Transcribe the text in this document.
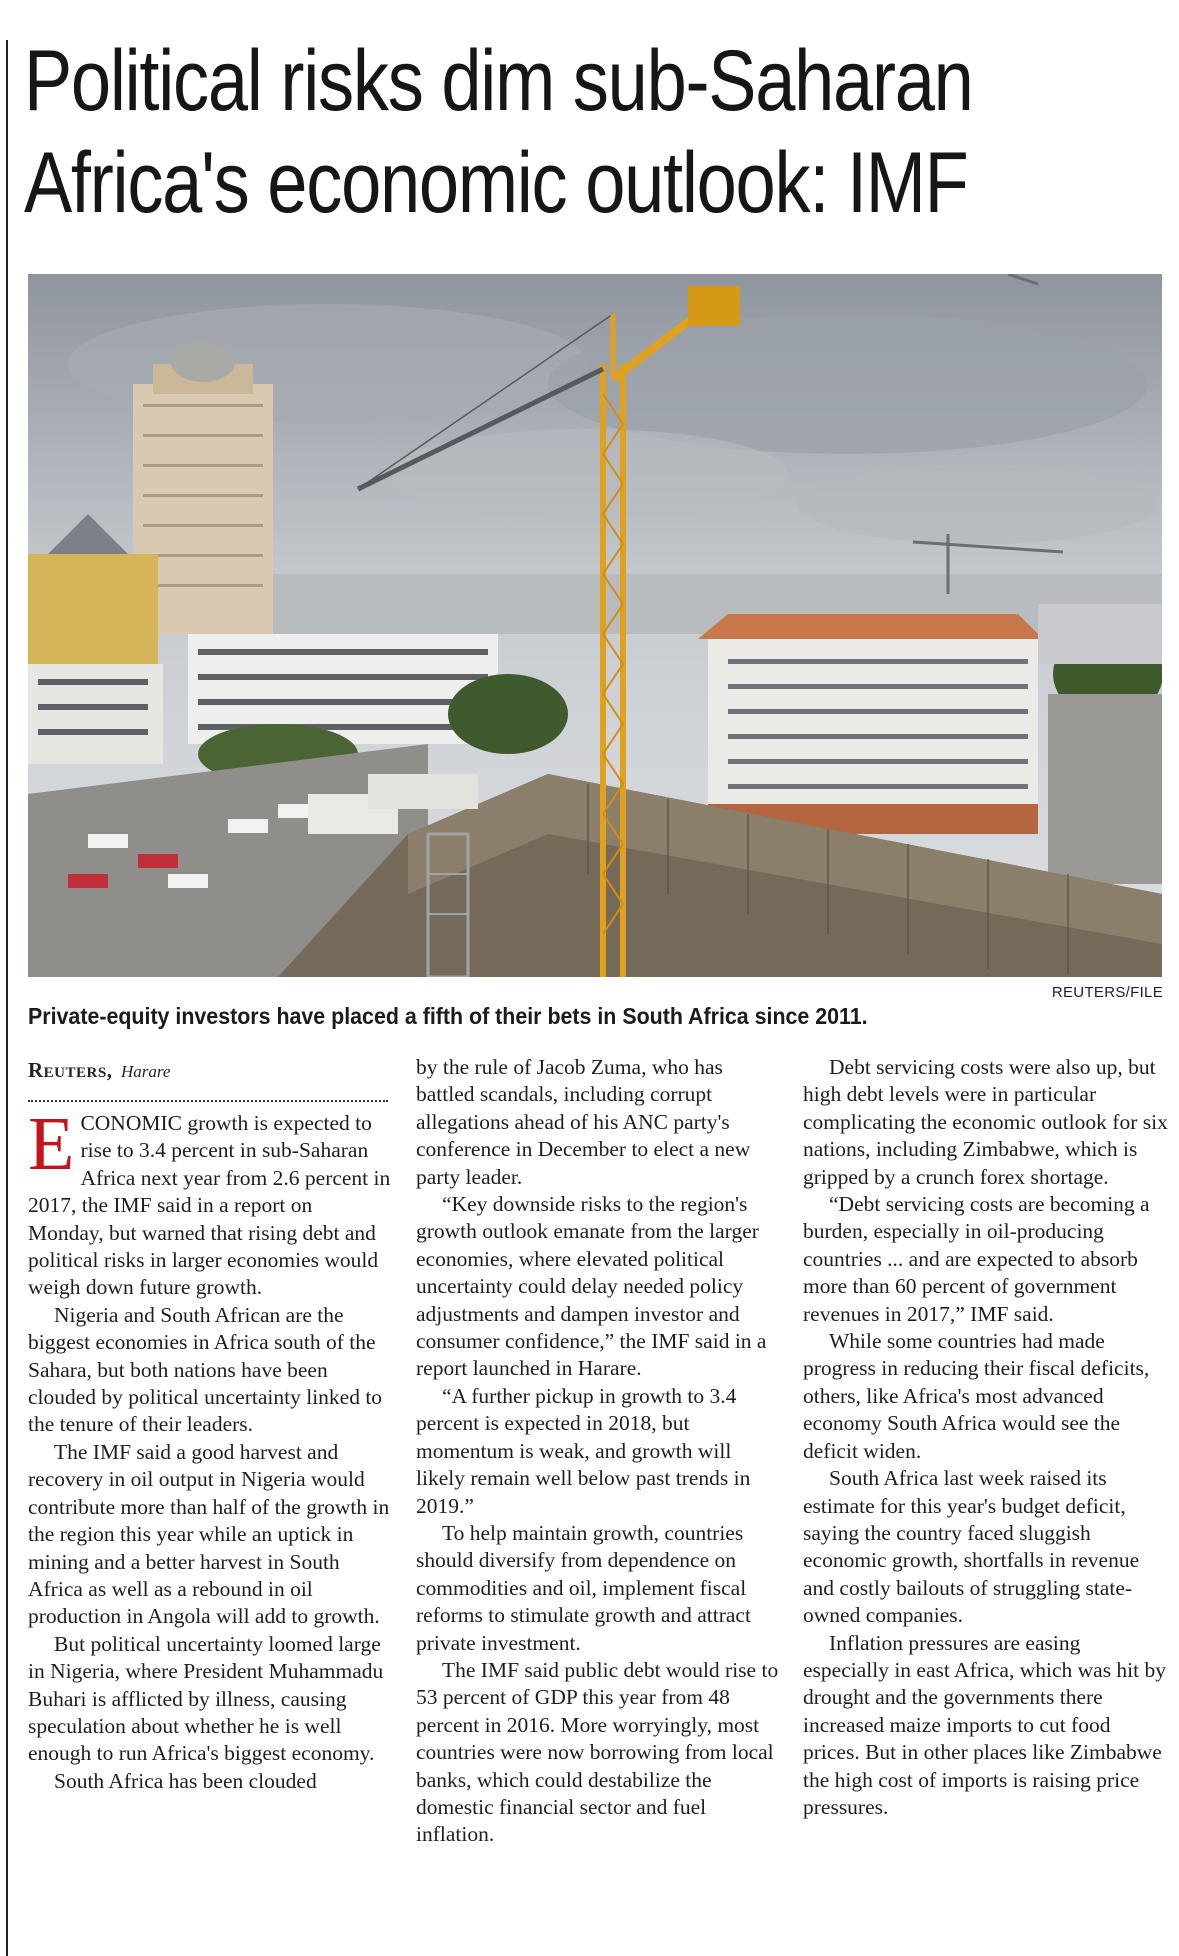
Political risks dim sub-Saharan
Africa's economic outlook: IMF
REUTERS/FILE
Private-equity investors have placed a fifth of their bets in South Africa since 2011.
Reuters, Harare

ECONOMIC growth is expected to rise to 3.4 percent in sub-Saharan Africa next year from 2.6 percent in 2017, the IMF said in a report on Monday, but warned that rising debt and political risks in larger economies would weigh down future growth.

Nigeria and South African are the biggest economies in Africa south of the Sahara, but both nations have been clouded by political uncertainty linked to the tenure of their leaders.

The IMF said a good harvest and recovery in oil output in Nigeria would contribute more than half of the growth in the region this year while an uptick in mining and a better harvest in South Africa as well as a rebound in oil production in Angola will add to growth.

But political uncertainty loomed large in Nigeria, where President Muhammadu Buhari is afflicted by illness, causing speculation about whether he is well enough to run Africa's biggest economy.

South Africa has been clouded

by the rule of Jacob Zuma, who has battled scandals, including corrupt allegations ahead of his ANC party's conference in December to elect a new party leader.

“Key downside risks to the region's growth outlook emanate from the larger economies, where elevated political uncertainty could delay needed policy adjustments and dampen investor and consumer confidence,” the IMF said in a report launched in Harare.

“A further pickup in growth to 3.4 percent is expected in 2018, but momentum is weak, and growth will likely remain well below past trends in 2019.”

To help maintain growth, countries should diversify from dependence on commodities and oil, implement fiscal reforms to stimulate growth and attract private investment.

The IMF said public debt would rise to 53 percent of GDP this year from 48 percent in 2016. More worryingly, most countries were now borrowing from local banks, which could destabilize the domestic financial sector and fuel inflation.

Debt servicing costs were also up, but high debt levels were in particular complicating the economic outlook for six nations, including Zimbabwe, which is gripped by a crunch forex shortage.

“Debt servicing costs are becoming a burden, especially in oil-producing countries ... and are expected to absorb more than 60 percent of government revenues in 2017,” IMF said.

While some countries had made progress in reducing their fiscal deficits, others, like Africa's most advanced economy South Africa would see the deficit widen.

South Africa last week raised its estimate for this year's budget deficit, saying the country faced sluggish economic growth, shortfalls in revenue and costly bailouts of struggling state-owned companies.

Inflation pressures are easing especially in east Africa, which was hit by drought and the governments there increased maize imports to cut food prices. But in other places like Zimbabwe the high cost of imports is raising price pressures.
